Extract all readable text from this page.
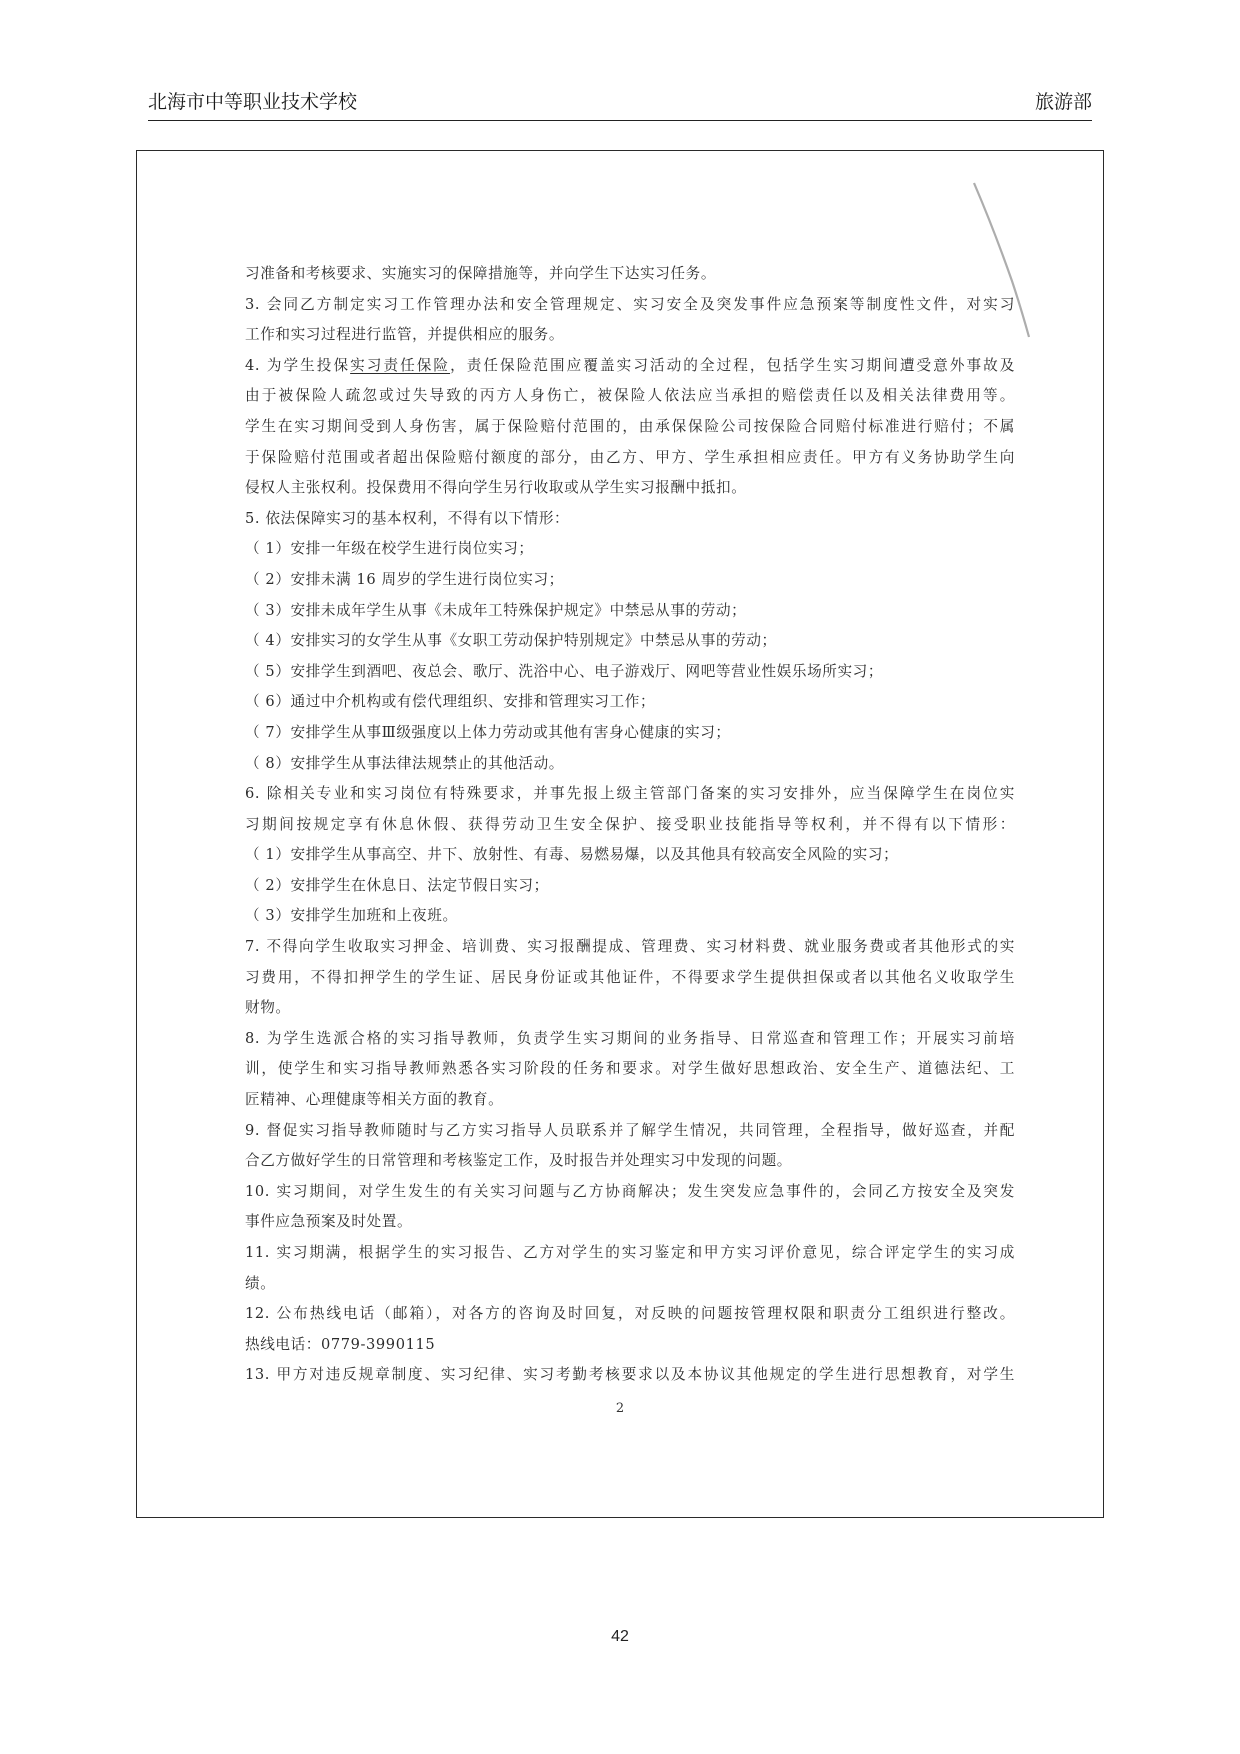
北海市中等职业技术学校	旅游部
习准备和考核要求、实施实习的保障措施等，并向学生下达实习任务。
3. 会同乙方制定实习工作管理办法和安全管理规定、实习安全及突发事件应急预案等制度性文件，对实习
工作和实习过程进行监管，并提供相应的服务。
4. 为学生投保实习责任保险，责任保险范围应覆盖实习活动的全过程，包括学生实习期间遭受意外事故及
由于被保险人疏忽或过失导致的丙方人身伤亡，被保险人依法应当承担的赔偿责任以及相关法律费用等。
学生在实习期间受到人身伤害，属于保险赔付范围的，由承保保险公司按保险合同赔付标准进行赔付；不属
于保险赔付范围或者超出保险赔付额度的部分，由乙方、甲方、学生承担相应责任。甲方有义务协助学生向
侵权人主张权利。投保费用不得向学生另行收取或从学生实习报酬中抵扣。
5. 依法保障实习的基本权利，不得有以下情形：
（ 1）安排一年级在校学生进行岗位实习；
（ 2）安排未满 16 周岁的学生进行岗位实习；
（ 3）安排未成年学生从事《未成年工特殊保护规定》中禁忌从事的劳动；
（ 4）安排实习的女学生从事《女职工劳动保护特别规定》中禁忌从事的劳动；
（ 5）安排学生到酒吧、夜总会、歌厅、洗浴中心、电子游戏厅、网吧等营业性娱乐场所实习；
（ 6）通过中介机构或有偿代理组织、安排和管理实习工作；
（ 7）安排学生从事Ⅲ级强度以上体力劳动或其他有害身心健康的实习；
（ 8）安排学生从事法律法规禁止的其他活动。
6. 除相关专业和实习岗位有特殊要求，并事先报上级主管部门备案的实习安排外，应当保障学生在岗位实
习期间按规定享有休息休假、获得劳动卫生安全保护、接受职业技能指导等权利，并不得有以下情形：
（ 1）安排学生从事高空、井下、放射性、有毒、易燃易爆，以及其他具有较高安全风险的实习；
（ 2）安排学生在休息日、法定节假日实习；
（ 3）安排学生加班和上夜班。
7. 不得向学生收取实习押金、培训费、实习报酬提成、管理费、实习材料费、就业服务费或者其他形式的实
习费用，不得扣押学生的学生证、居民身份证或其他证件，不得要求学生提供担保或者以其他名义收取学生
财物。
8. 为学生选派合格的实习指导教师，负责学生实习期间的业务指导、日常巡查和管理工作；开展实习前培
训，使学生和实习指导教师熟悉各实习阶段的任务和要求。对学生做好思想政治、安全生产、道德法纪、工
匠精神、心理健康等相关方面的教育。
9. 督促实习指导教师随时与乙方实习指导人员联系并了解学生情况，共同管理，全程指导，做好巡查，并配
合乙方做好学生的日常管理和考核鉴定工作，及时报告并处理实习中发现的问题。
10. 实习期间，对学生发生的有关实习问题与乙方协商解决；发生突发应急事件的，会同乙方按安全及突发
事件应急预案及时处置。
11. 实习期满，根据学生的实习报告、乙方对学生的实习鉴定和甲方实习评价意见，综合评定学生的实习成
绩。
12. 公布热线电话（邮箱），对各方的咨询及时回复，对反映的问题按管理权限和职责分工组织进行整改。
热线电话：0779-3990115
13. 甲方对违反规章制度、实习纪律、实习考勤考核要求以及本协议其他规定的学生进行思想教育，对学生
2
42
